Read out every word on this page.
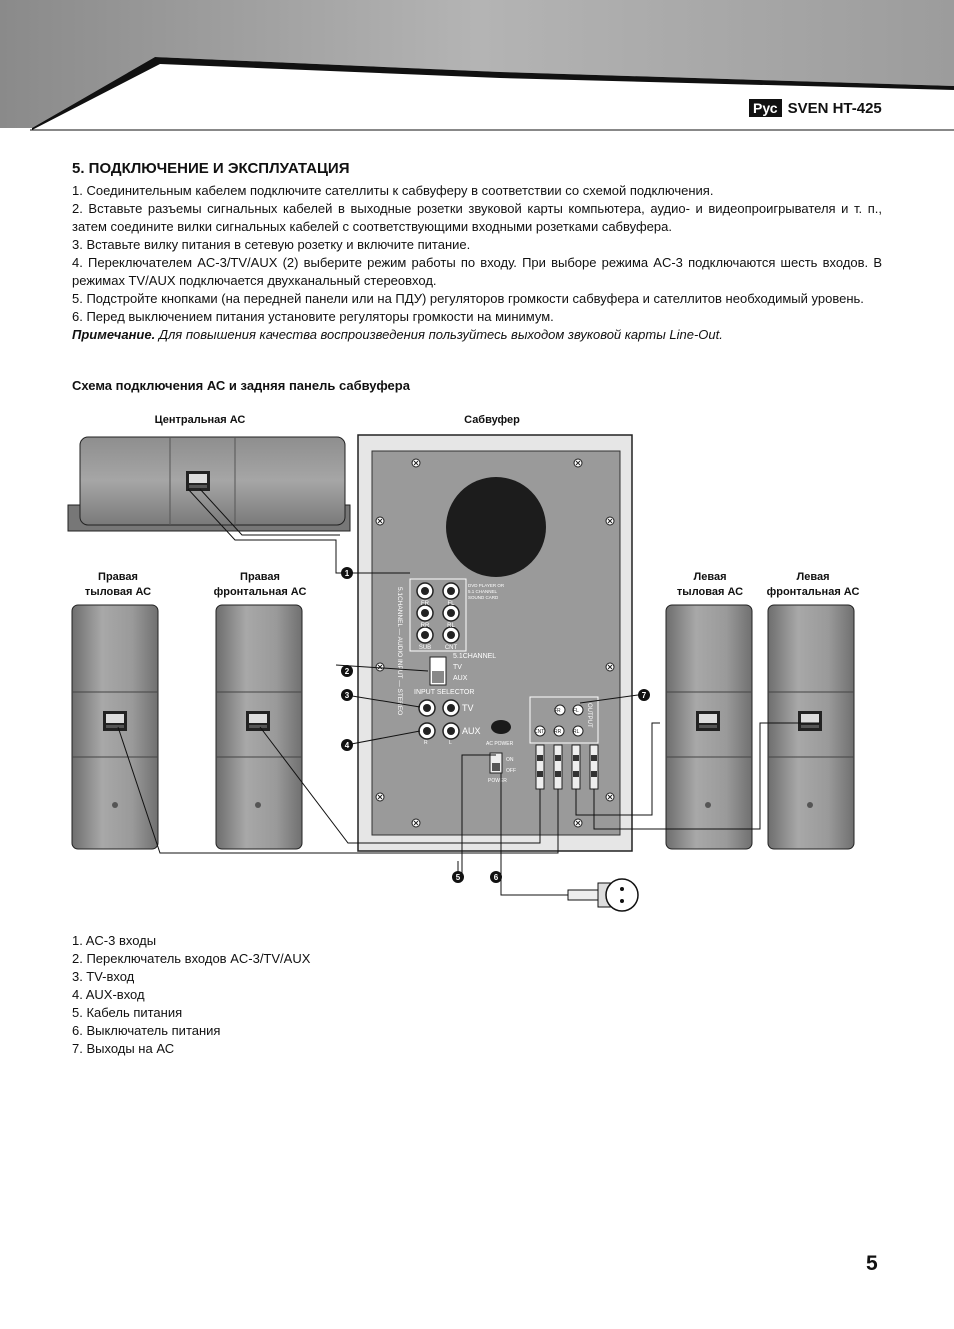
Рус SVEN HT-425
5. ПОДКЛЮЧЕНИЕ И ЭКСПЛУАТАЦИЯ

1. Соединительным кабелем подключите сателлиты к сабвуферу в соответствии со схемой подключения.

2. Вставьте разъемы сигнальных кабелей в выходные розетки звуковой карты компьютера, аудио- и видеопроигрывателя и т. п., затем соедините вилки сигнальных кабелей с соответствующими входными розетками сабвуфера.

3. Вставьте вилку питания в сетевую розетку и включите питание.

4. Переключателем AC-3/TV/AUX (2) выберите режим работы по входу. При выборе режима AC-3 подключаются шесть входов. В режимах TV/AUX подключается двухканальный стереовход.

5. Подстройте кнопками (на передней панели или на ПДУ) регуляторов громкости сабвуфера и сателлитов необходимый уровень.

6. Перед выключением питания установите регуляторы громкости на минимум.

Примечание. Для повышения качества воспроизведения пользуйтесь выходом звуковой карты Line-Out.

Схема подключения АС и задняя панель сабвуфера
Центральная АС	Сабвуфер
Правая
тыловая АС
Правая
фронтальная АС
Левая
тыловая АС
Левая
фронтальная АС
FR	FL
RR	RL
SUB CNT
DVD PLAYER OR
5.1 CHANNEL
SOUND CARD
5.1CHANNEL — AUDIO INPUT — STEREO	5.1CHANNEL
TV
AUX
INPUT SELECTOR
TV
AUX
R	L	AC POWER
ON
OFF
POWER
FR FL
CNT RR RL
OUTPUT
1
2
3
4
5	6
7
1. AC-3 входы
2. Переключатель входов AC-3/TV/AUX
3. TV-вход
4. AUX-вход
5. Кабель питания
6. Выключатель питания
7. Выходы на АС
5
